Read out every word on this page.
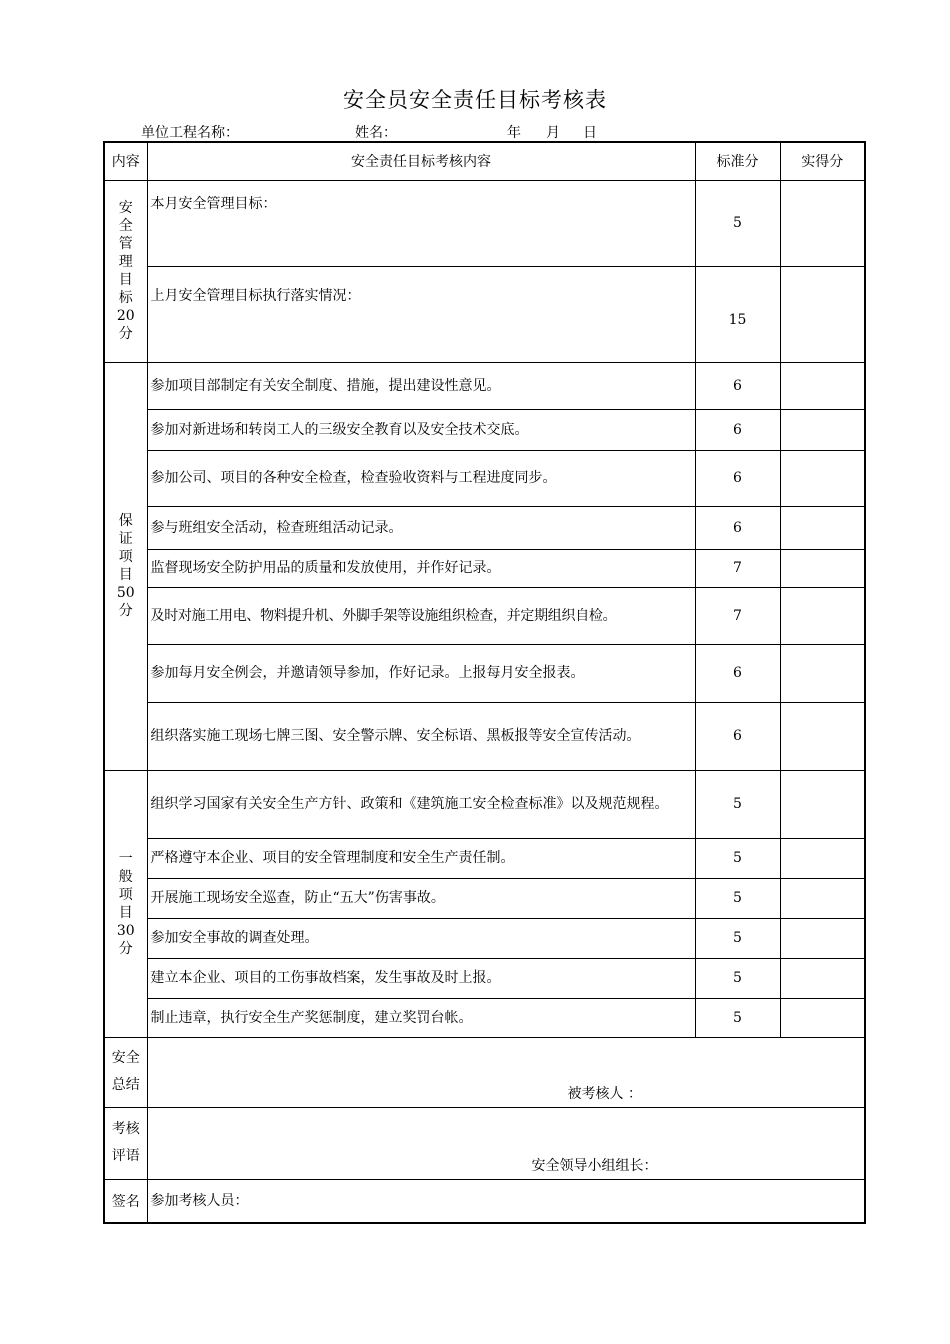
安全员安全责任目标考核表
单位工程名称：	姓名：	年 月 日
内容	安全责任目标考核内容	标准分	实得分

安全管理目标20分	本月安全管理目标：	5	
	上月安全管理目标执行落实情况：	15	

保证项目50分	参加项目部制定有关安全制度、措施，提出建设性意见。	6	
	参加对新进场和转岗工人的三级安全教育以及安全技术交底。	6	
	参加公司、项目的各种安全检查，检查验收资料与工程进度同步。	6	
	参与班组安全活动，检查班组活动记录。	6	
	监督现场安全防护用品的质量和发放使用，并作好记录。	7	
	及时对施工用电、物料提升机、外脚手架等设施组织检查，并定期组织自检。	7	
	参加每月安全例会，并邀请领导参加，作好记录。上报每月安全报表。	6	
	组织落实施工现场七牌三图、安全警示牌、安全标语、黑板报等安全宣传活动。	6	

一般项目30分	组织学习国家有关安全生产方针、政策和《建筑施工安全检查标准》以及规范规程。	5	
	严格遵守本企业、项目的安全管理制度和安全生产责任制。	5	
	开展施工现场安全巡查，防止“五大”伤害事故。	5	
	参加安全事故的调查处理。	5	
	建立本企业、项目的工伤事故档案，发生事故及时上报。	5	
	制止违章，执行安全生产奖惩制度，建立奖罚台帐。	5	

安全总结	被考核人 ：		

考核评语	安全领导小组组长：		
签名	参加考核人员：		
